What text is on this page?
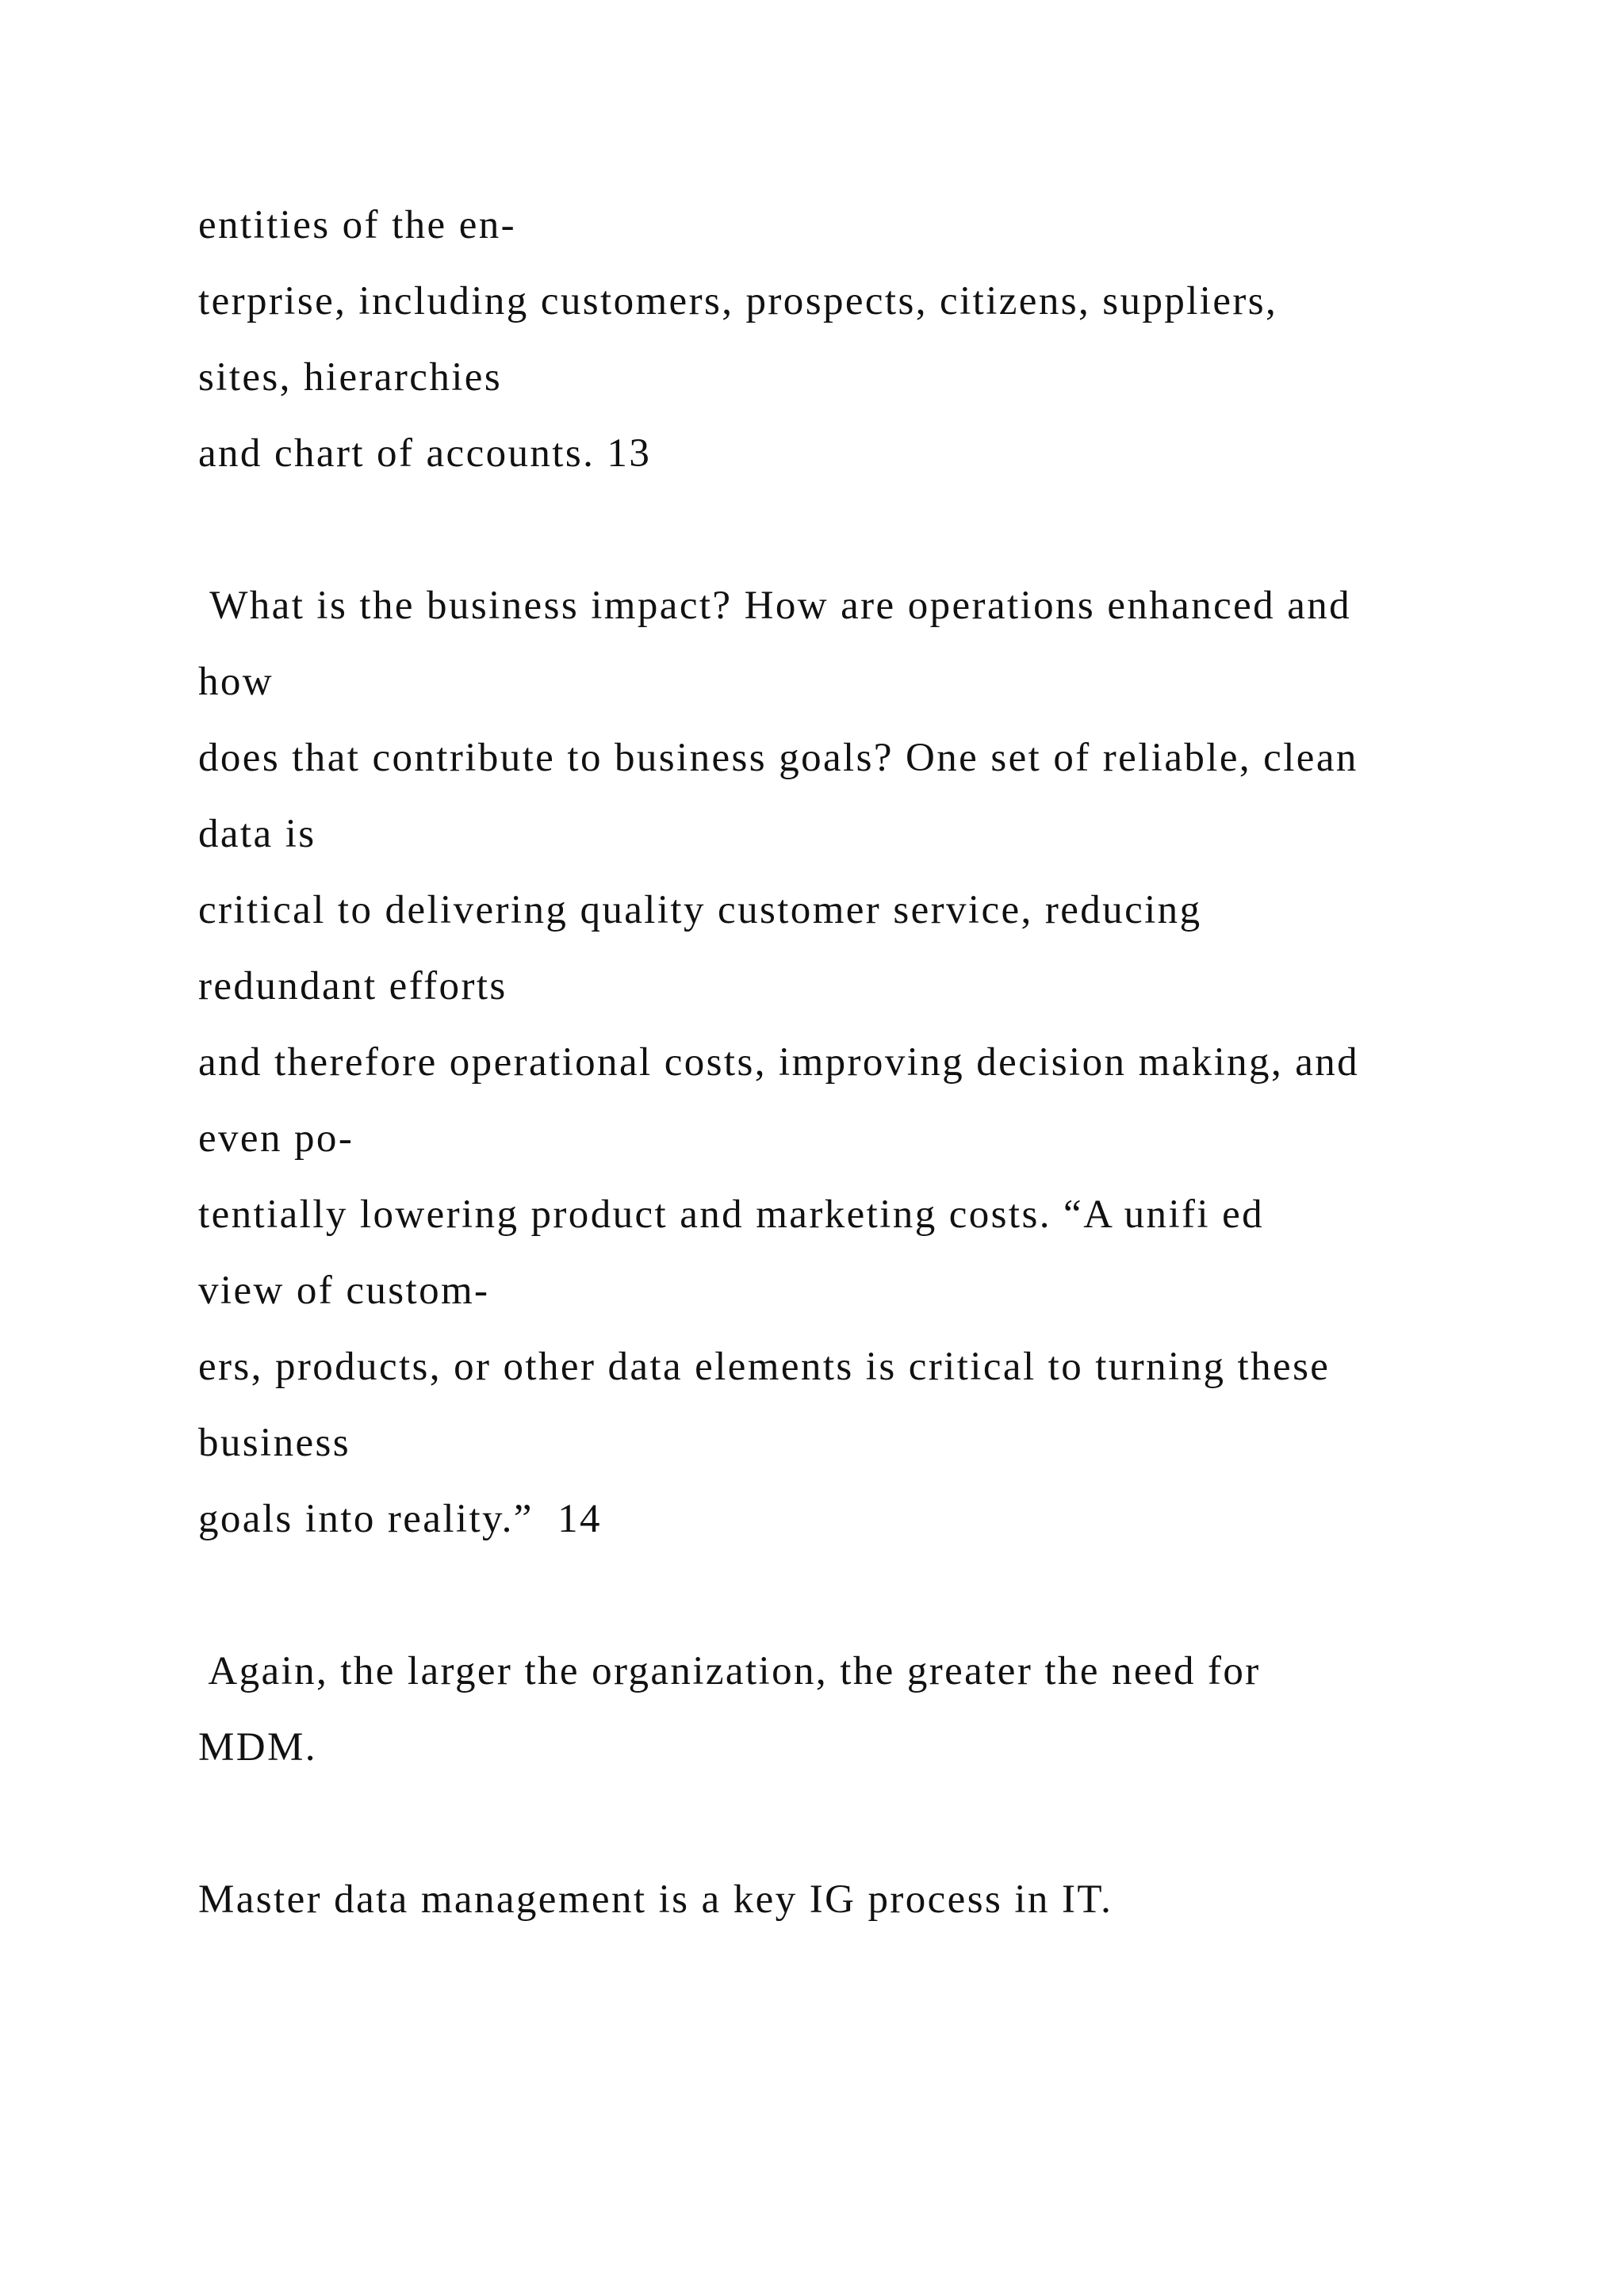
entities of the en-
terprise, including customers, prospects, citizens, suppliers,
sites, hierarchies
and chart of accounts. 13
What is the business impact? How are operations enhanced and
how
does that contribute to business goals? One set of reliable, clean
data is
critical to delivering quality customer service, reducing
redundant efforts
and therefore operational costs, improving decision making, and
even po-
tentially lowering product and marketing costs. “A unifi ed
view of custom-
ers, products, or other data elements is critical to turning these
business
goals into reality.”  14
Again, the larger the organization, the greater the need for
MDM.
Master data management is a key IG process in IT.
